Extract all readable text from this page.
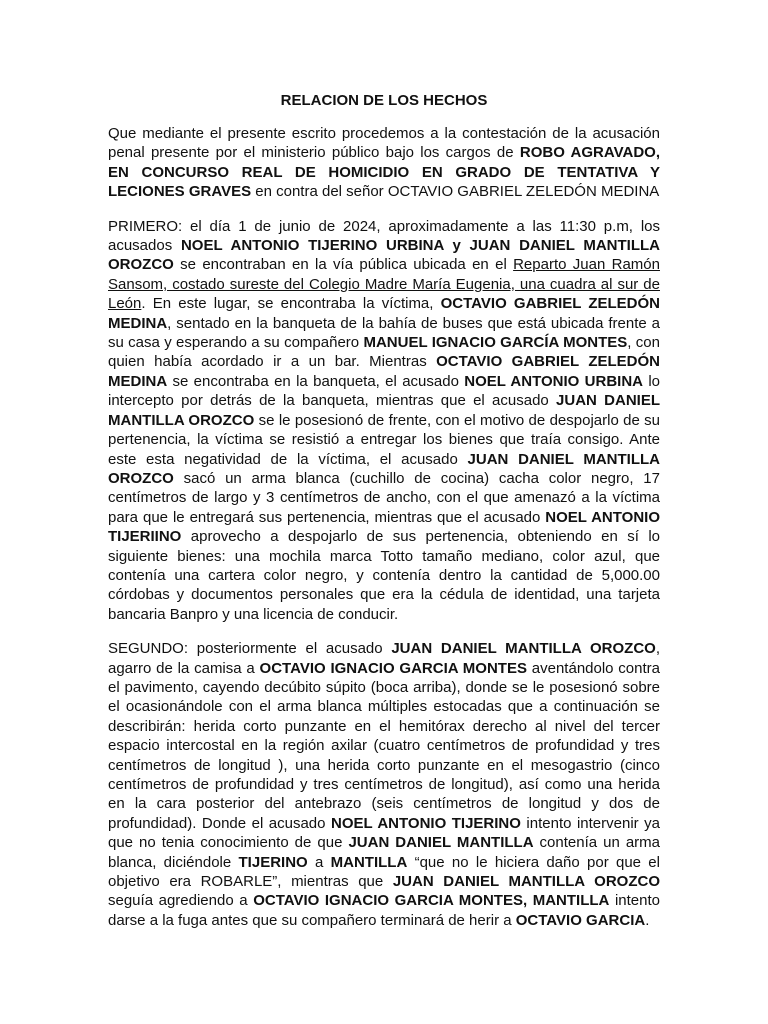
RELACION DE LOS HECHOS

Que mediante el presente escrito procedemos a la contestación de la acusación penal presente por el ministerio público bajo los cargos de ROBO AGRAVADO, EN CONCURSO REAL DE HOMICIDIO EN GRADO DE TENTATIVA Y LECIONES GRAVES en contra del señor OCTAVIO GABRIEL ZELEDÓN MEDINA

PRIMERO: el día 1 de junio de 2024, aproximadamente a las 11:30 p.m, los acusados NOEL ANTONIO TIJERINO URBINA y JUAN DANIEL MANTILLA OROZCO se encontraban en la vía pública ubicada en el Reparto Juan Ramón Sansom, costado sureste del Colegio Madre María Eugenia, una cuadra al sur de León. En este lugar, se encontraba la víctima, OCTAVIO GABRIEL ZELEDÓN MEDINA, sentado en la banqueta de la bahía de buses que está ubicada frente a su casa y esperando a su compañero MANUEL IGNACIO GARCÍA MONTES, con quien había acordado ir a un bar. Mientras OCTAVIO GABRIEL ZELEDÓN MEDINA se encontraba en la banqueta, el acusado NOEL ANTONIO URBINA lo intercepto por detrás de la banqueta, mientras que el acusado JUAN DANIEL MANTILLA OROZCO se le posesionó de frente, con el motivo de despojarlo de su pertenencia, la víctima se resistió a entregar los bienes que traía consigo. Ante este esta negatividad de la víctima, el acusado JUAN DANIEL MANTILLA OROZCO sacó un arma blanca (cuchillo de cocina) cacha color negro, 17 centímetros de largo y 3 centímetros de ancho, con el que amenazó a la víctima para que le entregará sus pertenencia, mientras que el acusado NOEL ANTONIO TIJERIINO aprovecho a despojarlo de sus pertenencia, obteniendo en sí lo siguiente bienes: una mochila marca Totto tamaño mediano, color azul, que contenía una cartera color negro, y contenía dentro la cantidad de 5,000.00 córdobas y documentos personales que era la cédula de identidad, una tarjeta bancaria Banpro y una licencia de conducir.

SEGUNDO: posteriormente el acusado JUAN DANIEL MANTILLA OROZCO, agarro de la camisa a OCTAVIO IGNACIO GARCIA MONTES aventándolo contra el pavimento, cayendo decúbito súpito (boca arriba), donde se le posesionó sobre el ocasionándole con el arma blanca múltiples estocadas que a continuación se describirán: herida corto punzante en el hemitórax derecho al nivel del tercer espacio intercostal en la región axilar (cuatro centímetros de profundidad y tres centímetros de longitud ), una herida corto punzante en el mesogastrio (cinco centímetros de profundidad y tres centímetros de longitud), así como una herida en la cara posterior del antebrazo (seis centímetros de longitud y dos de profundidad). Donde el acusado NOEL ANTONIO TIJERINO intento intervenir ya que no tenia conocimiento de que JUAN DANIEL MANTILLA contenía un arma blanca, diciéndole TIJERINO a MANTILLA “que no le hiciera daño por que el objetivo era ROBARLE”, mientras que JUAN DANIEL MANTILLA OROZCO seguía agrediendo a OCTAVIO IGNACIO GARCIA MONTES, MANTILLA intento darse a la fuga antes que su compañero terminará de herir a OCTAVIO GARCIA.
